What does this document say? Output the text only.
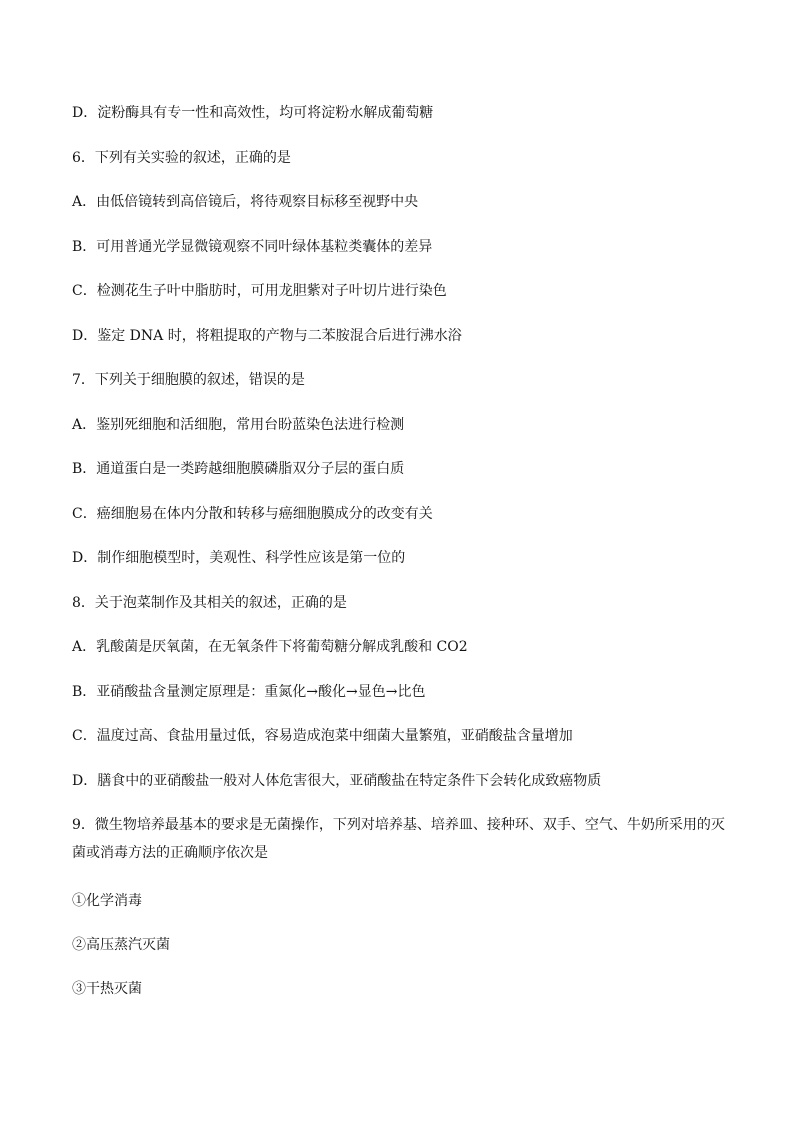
D．淀粉酶具有专一性和高效性，均可将淀粉水解成葡萄糖
6．下列有关实验的叙述，正确的是
A．由低倍镜转到高倍镜后，将待观察目标移至视野中央
B．可用普通光学显微镜观察不同叶绿体基粒类囊体的差异
C．检测花生子叶中脂肪时，可用龙胆紫对子叶切片进行染色
D．鉴定 DNA 时，将粗提取的产物与二苯胺混合后进行沸水浴
7．下列关于细胞膜的叙述，错误的是
A．鉴别死细胞和活细胞，常用台盼蓝染色法进行检测
B．通道蛋白是一类跨越细胞膜磷脂双分子层的蛋白质
C．癌细胞易在体内分散和转移与癌细胞膜成分的改变有关
D．制作细胞模型时，美观性、科学性应该是第一位的
8．关于泡菜制作及其相关的叙述，正确的是
A．乳酸菌是厌氧菌，在无氧条件下将葡萄糖分解成乳酸和 CO2
B．亚硝酸盐含量测定原理是：重氮化→酸化→显色→比色
C．温度过高、食盐用量过低，容易造成泡菜中细菌大量繁殖，亚硝酸盐含量增加
D．膳食中的亚硝酸盐一般对人体危害很大，亚硝酸盐在特定条件下会转化成致癌物质
9．微生物培养最基本的要求是无菌操作，下列对培养基、培养皿、接种环、双手、空气、牛奶所采用的灭菌或消毒方法的正确顺序依次是
①化学消毒
②高压蒸汽灭菌
③干热灭菌
